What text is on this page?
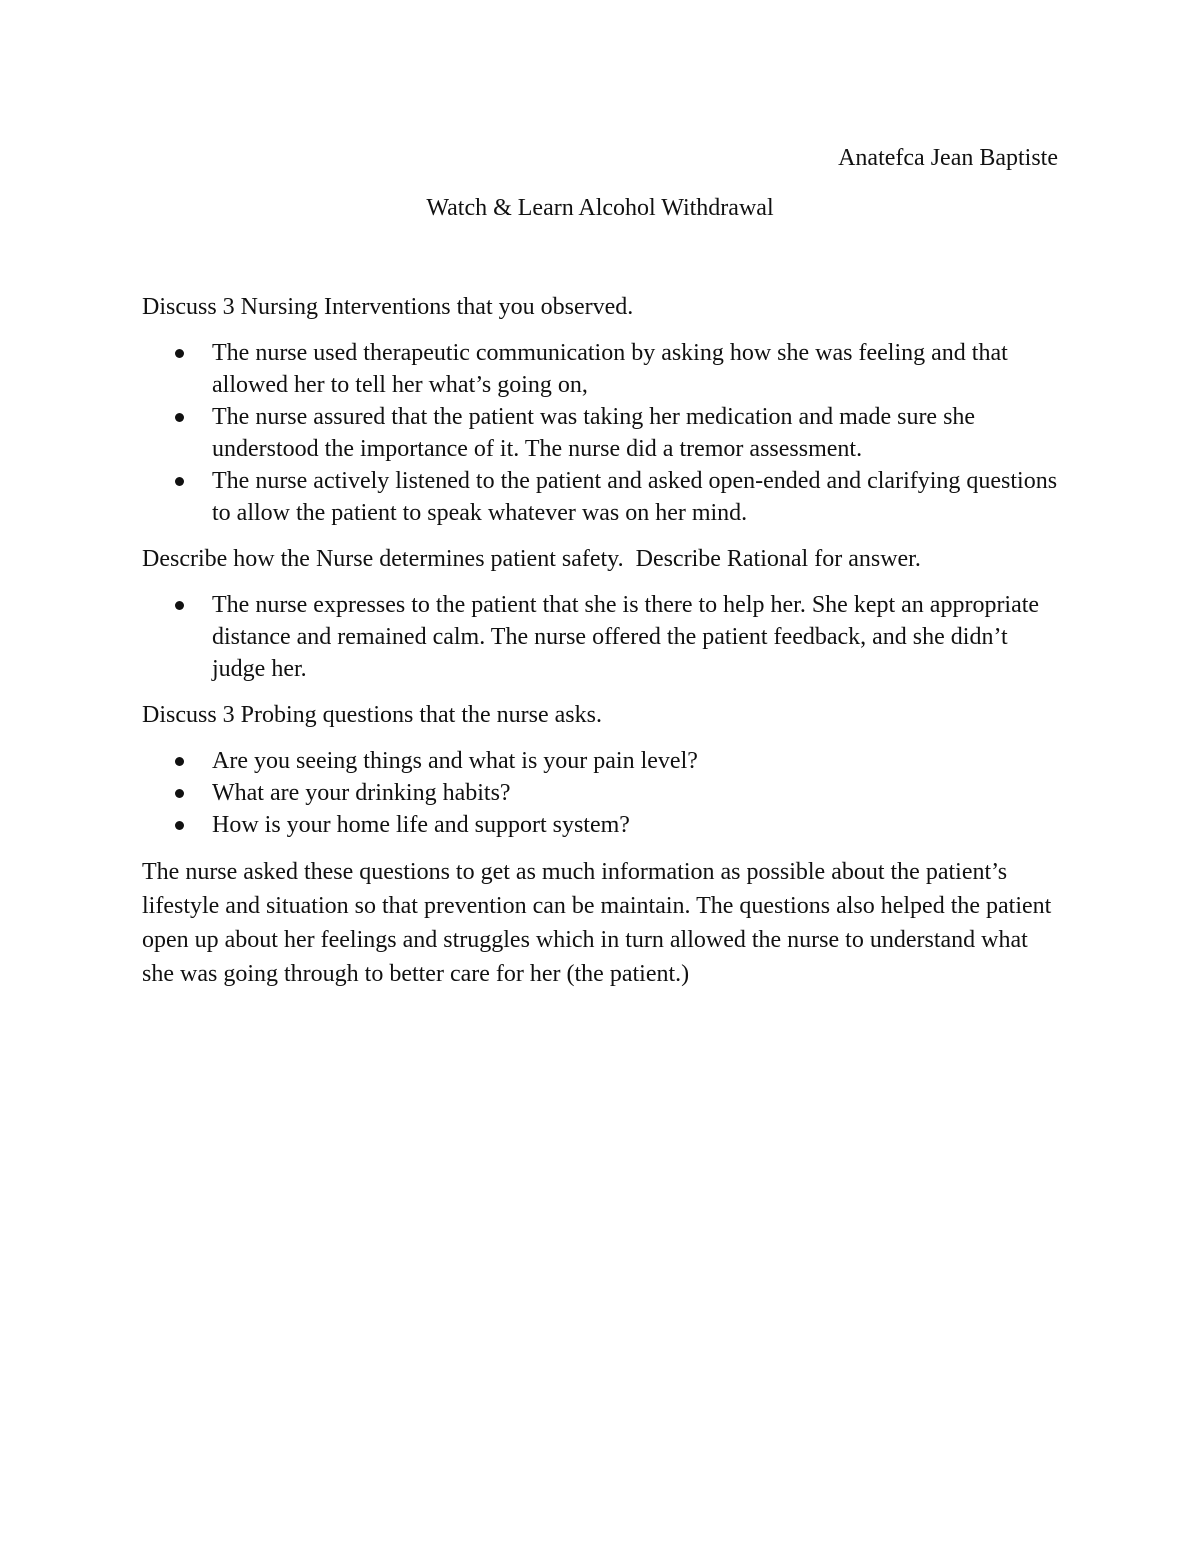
Anatefca Jean Baptiste
Watch & Learn Alcohol Withdrawal

Discuss 3 Nursing Interventions that you observed.

The nurse used therapeutic communication by asking how she was feeling and that allowed her to tell her what’s going on,
The nurse assured that the patient was taking her medication and made sure she understood the importance of it. The nurse did a tremor assessment.
The nurse actively listened to the patient and asked open-ended and clarifying questions to allow the patient to speak whatever was on her mind.

Describe how the Nurse determines patient safety.  Describe Rational for answer.

The nurse expresses to the patient that she is there to help her. She kept an appropriate distance and remained calm. The nurse offered the patient feedback, and she didn’t judge her.

Discuss 3 Probing questions that the nurse asks.

Are you seeing things and what is your pain level?
What are your drinking habits?
How is your home life and support system?

The nurse asked these questions to get as much information as possible about the patient’s lifestyle and situation so that prevention can be maintain. The questions also helped the patient open up about her feelings and struggles which in turn allowed the nurse to understand what she was going through to better care for her (the patient.)
